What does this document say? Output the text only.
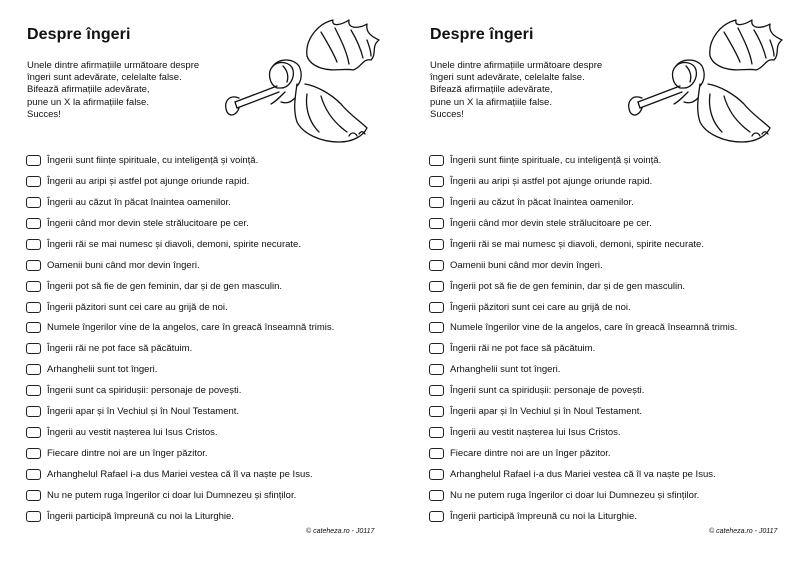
Despre îngeri
Unele dintre afirmațiile următoare despre
îngeri sunt adevărate, celelalte false.
Bifează afirmațiile adevărate,
pune un X la afirmațiile false.
Succes!
Îngerii sunt ființe spirituale, cu inteligență și voință.
Îngerii au aripi și astfel pot ajunge oriunde rapid.
Îngerii au căzut în păcat înaintea oamenilor.
Îngerii când mor devin stele strălucitoare pe cer.
Îngerii răi se mai numesc și diavoli, demoni, spirite necurate.
Oamenii buni când mor devin îngeri.
Îngerii pot să fie de gen feminin, dar și de gen masculin.
Îngerii păzitori sunt cei care au grijă de noi.
Numele îngerilor vine de la angelos, care în greacă înseamnă trimis.
Îngerii răi ne pot face să păcătuim.
Arhanghelii sunt tot îngeri.
Îngerii sunt ca spiridușii: personaje de povești.
Îngerii apar și în Vechiul și în Noul Testament.
Îngerii au vestit nașterea lui Isus Cristos.
Fiecare dintre noi are un înger păzitor.
Arhanghelul Rafael i-a dus Mariei vestea că îl va naște pe Isus.
Nu ne putem ruga îngerilor ci doar lui Dumnezeu și sfinților.
Îngerii participă împreună cu noi la Liturghie.
© cateheza.ro - J0117
Despre îngeri
Unele dintre afirmațiile următoare despre
îngeri sunt adevărate, celelalte false.
Bifează afirmațiile adevărate,
pune un X la afirmațiile false.
Succes!
Îngerii sunt ființe spirituale, cu inteligență și voință.
Îngerii au aripi și astfel pot ajunge oriunde rapid.
Îngerii au căzut în păcat înaintea oamenilor.
Îngerii când mor devin stele strălucitoare pe cer.
Îngerii răi se mai numesc și diavoli, demoni, spirite necurate.
Oamenii buni când mor devin îngeri.
Îngerii pot să fie de gen feminin, dar și de gen masculin.
Îngerii păzitori sunt cei care au grijă de noi.
Numele îngerilor vine de la angelos, care în greacă înseamnă trimis.
Îngerii răi ne pot face să păcătuim.
Arhanghelii sunt tot îngeri.
Îngerii sunt ca spiridușii: personaje de povești.
Îngerii apar și în Vechiul și în Noul Testament.
Îngerii au vestit nașterea lui Isus Cristos.
Fiecare dintre noi are un înger păzitor.
Arhanghelul Rafael i-a dus Mariei vestea că îl va naște pe Isus.
Nu ne putem ruga îngerilor ci doar lui Dumnezeu și sfinților.
Îngerii participă împreună cu noi la Liturghie.
© cateheza.ro - J0117
